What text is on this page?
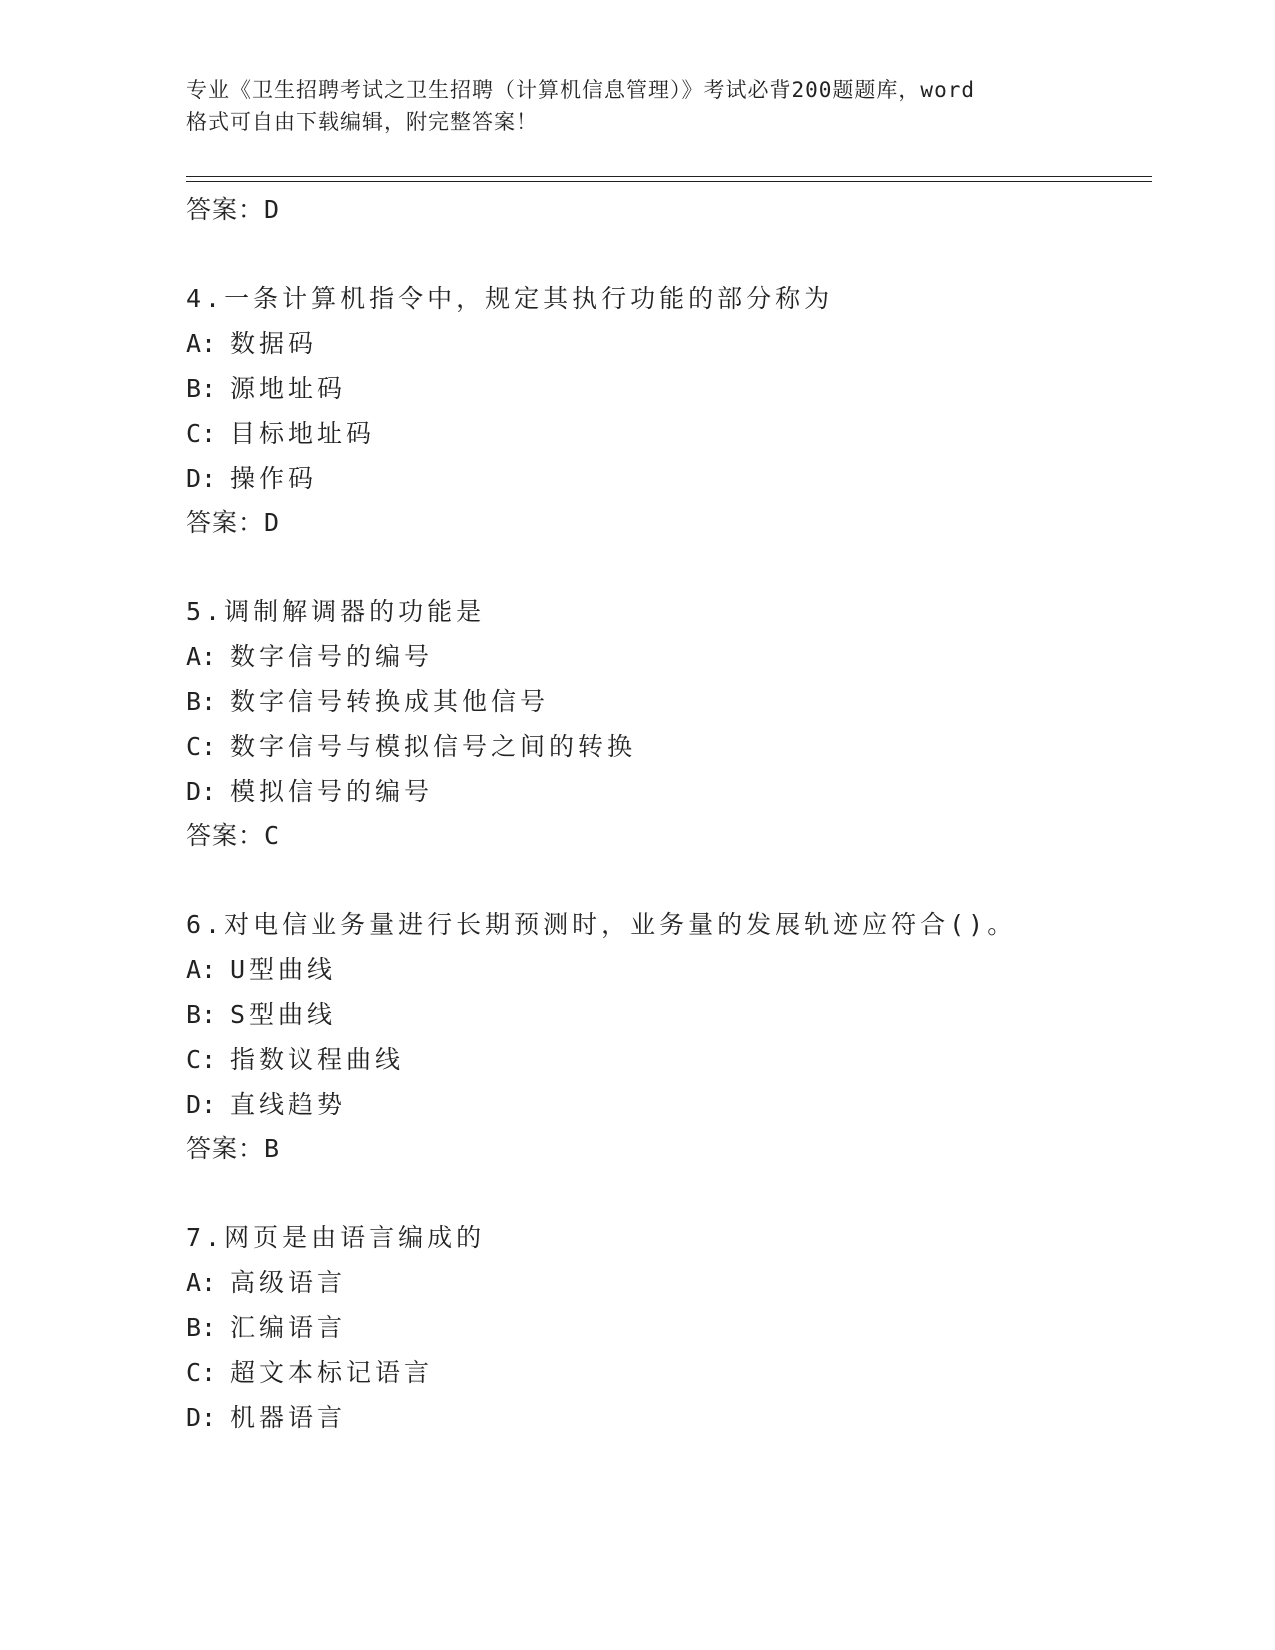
专业《卫生招聘考试之卫生招聘（计算机信息管理）》考试必背200题题库，word
格式可自由下载编辑，附完整答案！
答案：D
4.一条计算机指令中，规定其执行功能的部分称为
A: 数据码
B: 源地址码
C: 目标地址码
D: 操作码
答案：D
5.调制解调器的功能是
A: 数字信号的编号
B: 数字信号转换成其他信号
C: 数字信号与模拟信号之间的转换
D: 模拟信号的编号
答案：C
6.对电信业务量进行长期预测时，业务量的发展轨迹应符合()。
A: U型曲线
B: S型曲线
C: 指数议程曲线
D: 直线趋势
答案：B
7.网页是由语言编成的
A: 高级语言
B: 汇编语言
C: 超文本标记语言
D: 机器语言
